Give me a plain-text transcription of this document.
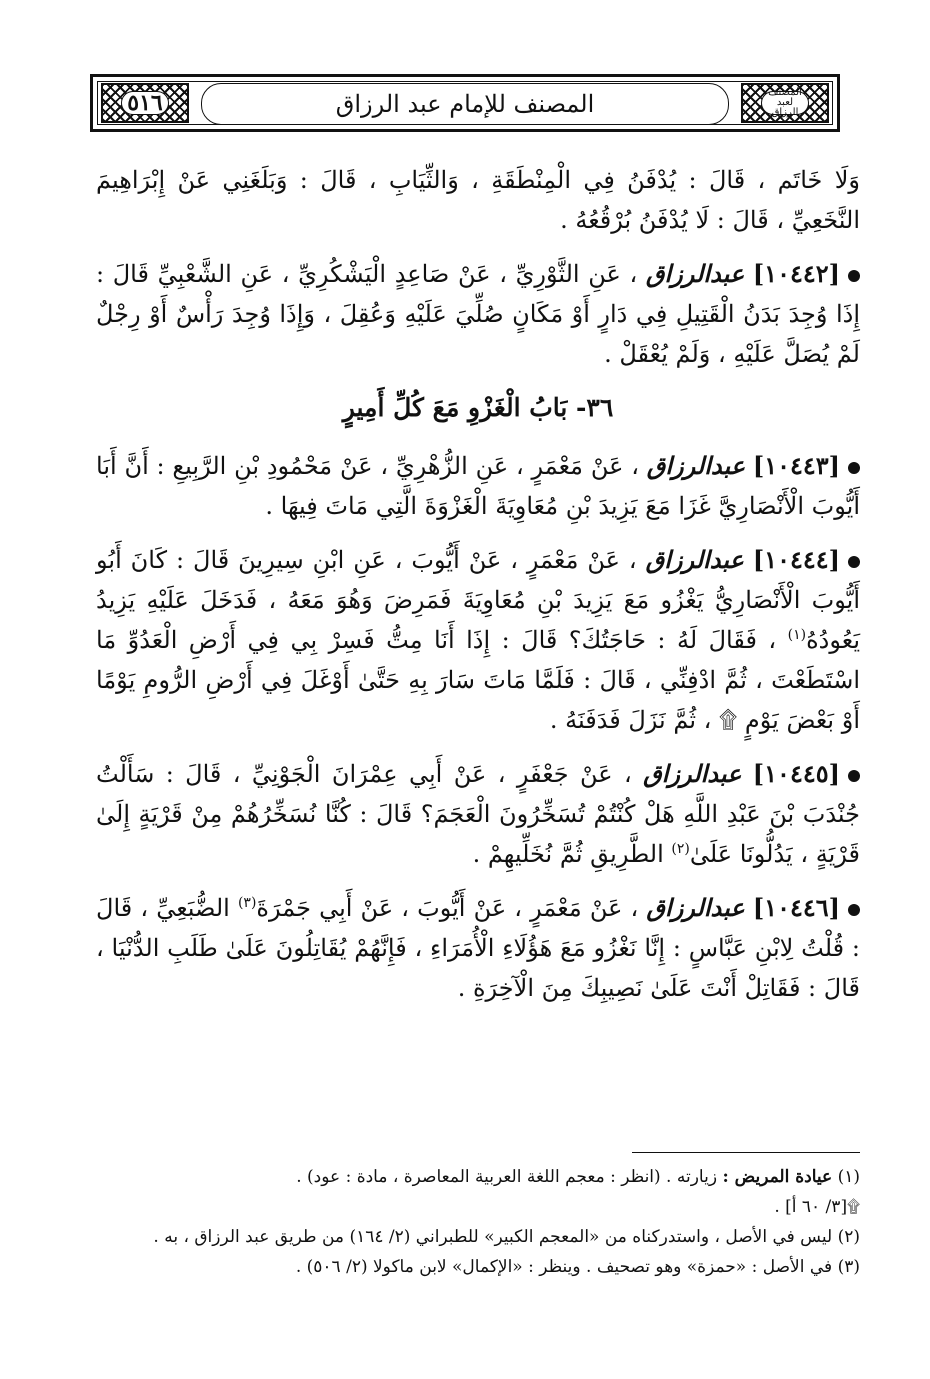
المصنف لعبد الرزاق
المصنف للإمام عبد الرزاق
٥١٦

وَلَا خَاتَم ، قَالَ : يُدْفَنُ فِي الْمِنْطَقَةِ ، وَالثِّيَابِ ، قَالَ : وَبَلَغَنِي عَنْ إِبْرَاهِيمَ النَّخَعِيِّ ، قَالَ : لَا يُدْفَنُ بُرْقُعُهُ .

[١٠٤٤٢] عبدالرزاق ، عَنِ الثَّوْرِيِّ ، عَنْ صَاعِدٍ الْيَشْكُرِيِّ ، عَنِ الشَّعْبِيِّ قَالَ : إِذَا وُجِدَ بَدَنُ الْقَتِيلِ فِي دَارٍ أَوْ مَكَانٍ صُلِّيَ عَلَيْهِ وَعُقِلَ ، وَإِذَا وُجِدَ رَأْسٌ أَوْ رِجْلٌ لَمْ يُصَلَّ عَلَيْهِ ، وَلَمْ يُعْقَلْ .

٣٦- بَابُ الْغَزْوِ مَعَ كُلِّ أَمِيرٍ

[١٠٤٤٣] عبدالرزاق ، عَنْ مَعْمَرٍ ، عَنِ الزُّهْرِيِّ ، عَنْ مَحْمُودِ بْنِ الرَّبِيعِ : أَنَّ أَبَا أَيُّوبَ الْأَنْصَارِيَّ غَزَا مَعَ يَزِيدَ بْنِ مُعَاوِيَةَ الْغَزْوَةَ الَّتِي مَاتَ فِيهَا .

[١٠٤٤٤] عبدالرزاق ، عَنْ مَعْمَرٍ ، عَنْ أَيُّوبَ ، عَنِ ابْنِ سِيرِينَ قَالَ : كَانَ أَبُو أَيُّوبَ الْأَنْصَارِيُّ يَغْزُو مَعَ يَزِيدَ بْنِ مُعَاوِيَةَ فَمَرِضَ وَهُوَ مَعَهُ ، فَدَخَلَ عَلَيْهِ يَزِيدُ يَعُودُهُ$^{(١)}$ ، فَقَالَ لَهُ : حَاجَتُكَ؟ قَالَ : إِذَا أَنَا مِتُّ فَسِرْ بِي فِي أَرْضِ الْعَدُوِّ مَا اسْتَطَعْتَ ، ثُمَّ ادْفِنِّي ، قَالَ : فَلَمَّا مَاتَ سَارَ بِهِ حَتَّىٰ أَوْغَلَ فِي أَرْضِ الرُّومِ يَوْمًا أَوْ بَعْضَ يَوْمٍ ۩ ، ثُمَّ نَزَلَ فَدَفَنَهُ .

[١٠٤٤٥] عبدالرزاق ، عَنْ جَعْفَرٍ ، عَنْ أَبِي عِمْرَانَ الْجَوْنِيِّ ، قَالَ : سَأَلْتُ جُنْدَبَ بْنَ عَبْدِ اللَّهِ هَلْ كُنْتُمْ تُسَخِّرُونَ الْعَجَمَ؟ قَالَ : كُنَّا نُسَخِّرُهُمْ مِنْ قَرْيَةٍ إِلَىٰ قَرْيَةٍ ، يَدُلُّونَا عَلَىٰ$^{(٢)}$ الطَّرِيقِ ثُمَّ نُخَلِّيهِمْ .

[١٠٤٤٦] عبدالرزاق ، عَنْ مَعْمَرٍ ، عَنْ أَيُّوبَ ، عَنْ أَبِي جَمْرَةَ$^{(٣)}$ الضُّبَعِيِّ ، قَالَ : قُلْتُ لِابْنِ عَبَّاسٍ : إِنَّا نَغْزُو مَعَ هَؤُلَاءِ الْأُمَرَاءِ ، فَإِنَّهُمْ يُقَاتِلُونَ عَلَىٰ طَلَبِ الدُّنْيَا ، قَالَ : فَقَاتِلْ أَنْتَ عَلَىٰ نَصِيبِكَ مِنَ الْآخِرَةِ .

(١) عيادة المريض : زيارته . (انظر : معجم اللغة العربية المعاصرة ، مادة : عود) .

۩[٣/ ٦٠ أ] .

(٢) ليس في الأصل ، واستدركناه من «المعجم الكبير» للطبراني (٢/ ١٦٤) من طريق عبد الرزاق ، به .

(٣) في الأصل : «حمزة» وهو تصحيف . وينظر : «الإكمال» لابن ماكولا (٢/ ٥٠٦) .
